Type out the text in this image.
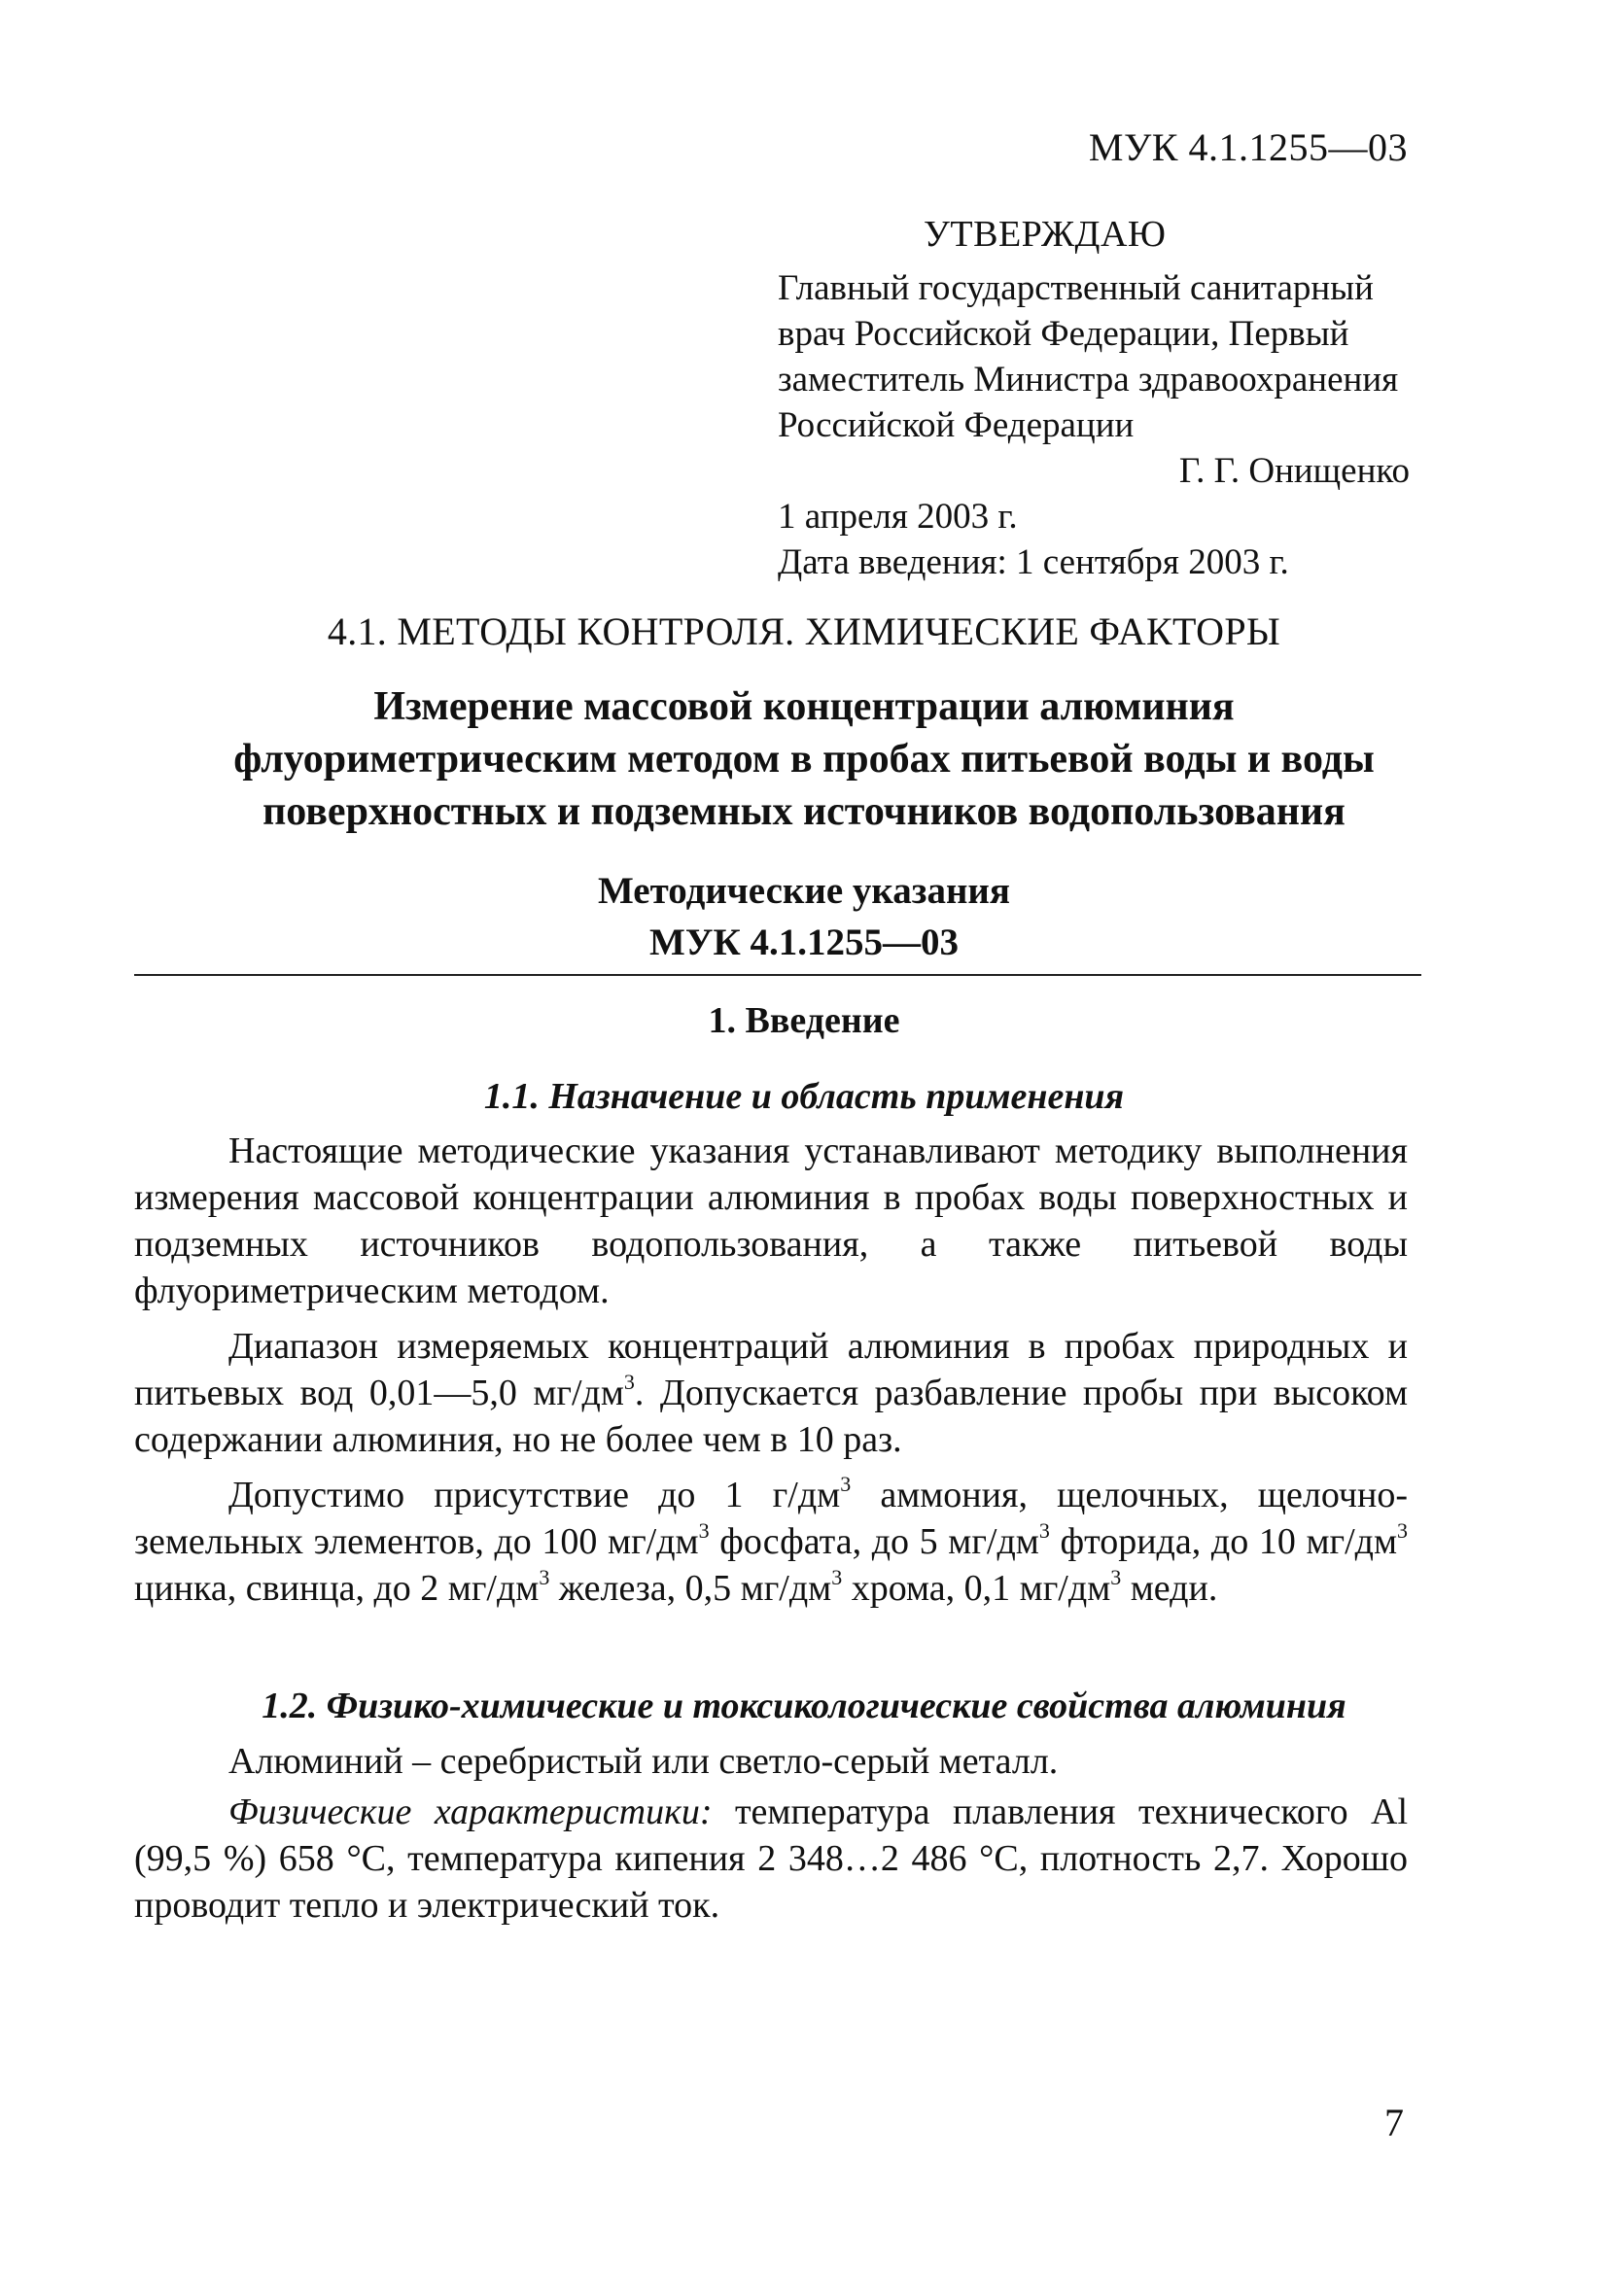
МУК 4.1.1255—03
УТВЕРЖДАЮ
Главный государственный санитарный
врач Российской Федерации, Первый
заместитель Министра здравоохранения
Российской Федерации
Г. Г. Онищенко
1 апреля 2003 г.
Дата введения: 1 сентября 2003 г.
4.1. МЕТОДЫ КОНТРОЛЯ. ХИМИЧЕСКИЕ ФАКТОРЫ
Измерение массовой концентрации алюминия
флуориметрическим методом в пробах питьевой воды и воды
поверхностных и подземных источников водопользования
Методические указания
МУК 4.1.1255—03
1. Введение
1.1. Назначение и область применения

Настоящие методические указания устанавливают методику выполнения измерения массовой концентрации алюминия в пробах воды поверхностных и подземных источников водопользования, а также питьевой воды флуориметрическим методом.

Диапазон измеряемых концентраций алюминия в пробах природных и питьевых вод 0,01—5,0 $мг/дм^3$. Допускается разбавление пробы при высоком содержании алюминия, но не более чем в 10 раз.

Допустимо присутствие до 1 $г/дм^3$ аммония, щелочных, щелочно-земельных элементов, до 100 $мг/дм^3$ фосфата, до 5 $мг/дм^3$ фторида, до 10 $мг/дм^3$ цинка, свинца, до 2 $мг/дм^3$ железа, 0,5 $мг/дм^3$ хрома, 0,1 $мг/дм^3$ меди.

1.2. Физико-химические и токсикологические свойства алюминия

Алюминий – серебристый или светло-серый металл.

Физические характеристики: температура плавления технического Al (99,5 %) 658 °С, температура кипения 2 348…2 486 °С, плотность 2,7. Хорошо проводит тепло и электрический ток.

7
